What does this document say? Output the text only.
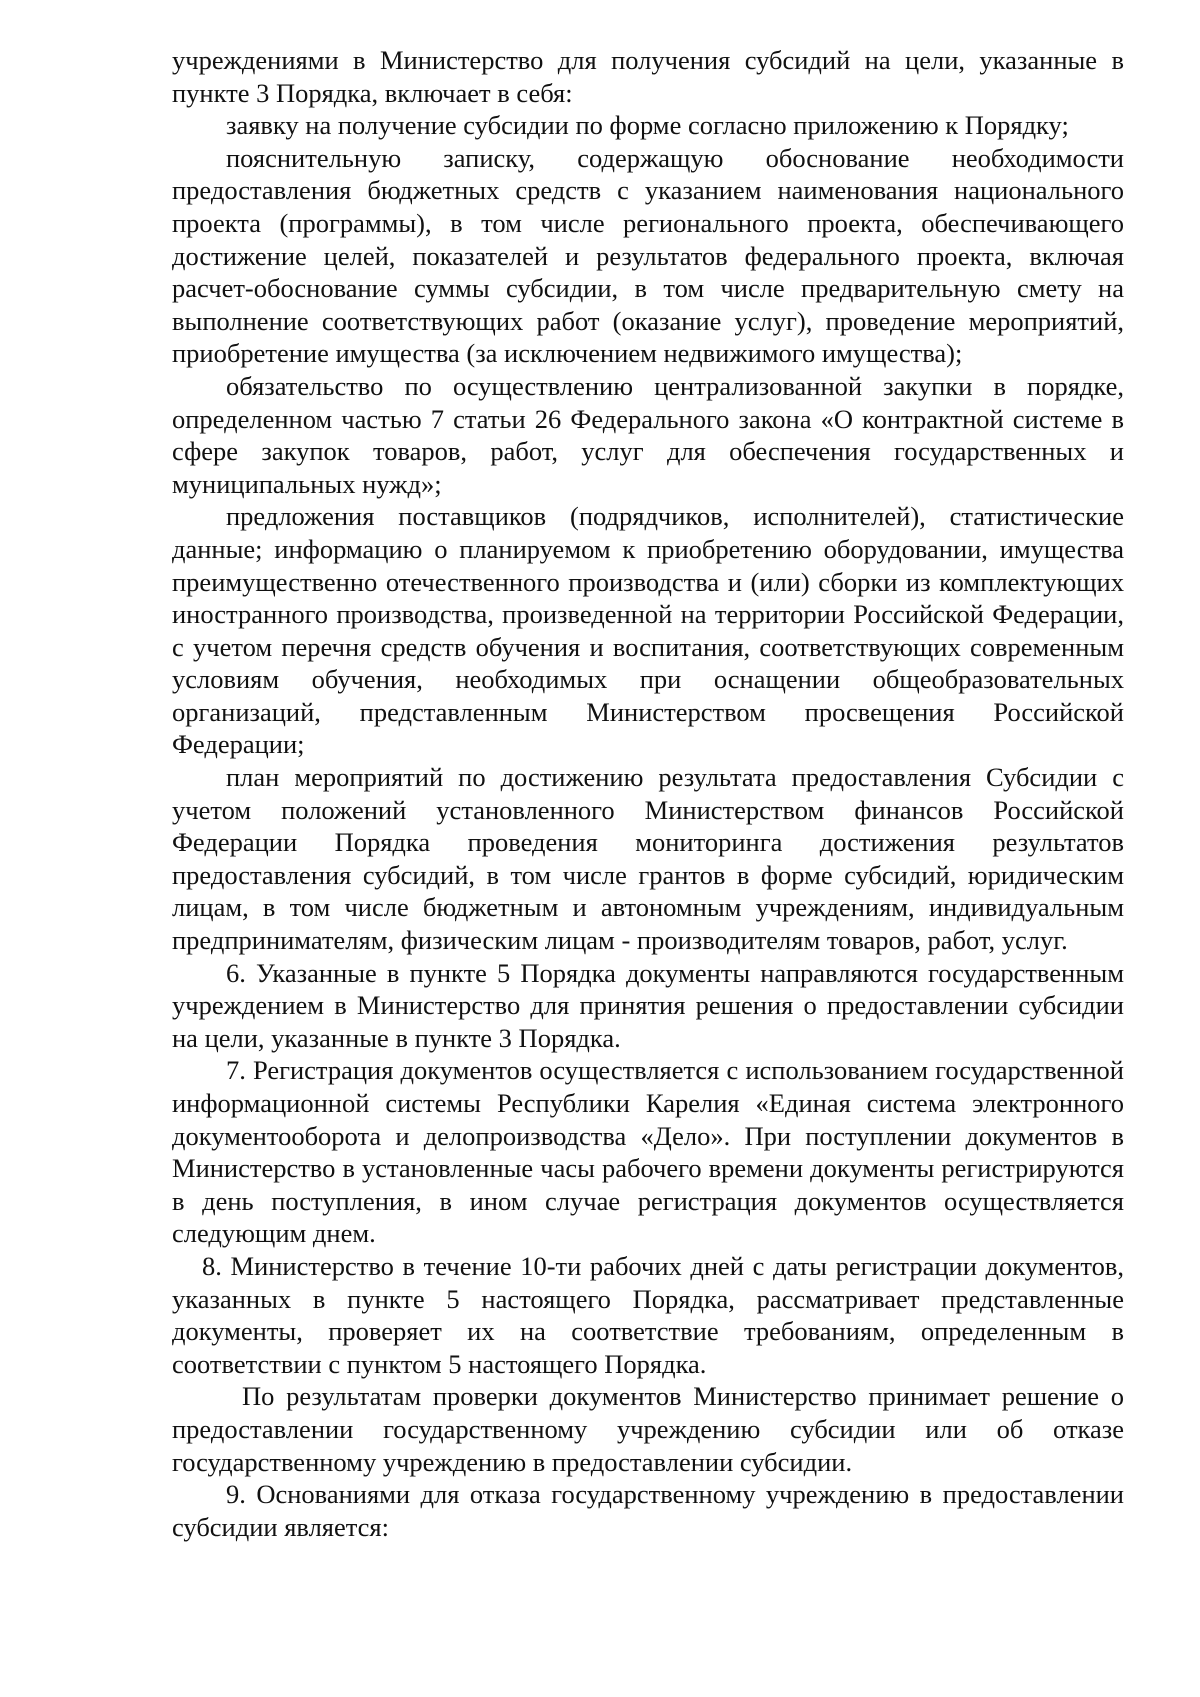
учреждениями в Министерство для получения субсидий на цели, указанные в пункте 3 Порядка, включает в себя:

заявку на получение субсидии по форме согласно приложению к Порядку;

пояснительную записку, содержащую обоснование необходимости предоставления бюджетных средств с указанием наименования национального проекта (программы), в том числе регионального проекта, обеспечивающего достижение целей, показателей и результатов федерального проекта, включая расчет-обоснование суммы субсидии, в том числе предварительную смету на выполнение соответствующих работ (оказание услуг), проведение мероприятий, приобретение имущества (за исключением недвижимого имущества);

обязательство по осуществлению централизованной закупки в порядке, определенном частью 7 статьи 26 Федерального закона «О контрактной системе в сфере закупок товаров, работ, услуг для обеспечения государственных и муниципальных нужд»;

предложения поставщиков (подрядчиков, исполнителей), статистические данные; информацию о планируемом к приобретению оборудовании, имущества преимущественно отечественного производства и (или) сборки из комплектующих иностранного производства, произведенной на территории Российской Федерации, с учетом перечня средств обучения и воспитания, соответствующих современным условиям обучения, необходимых при оснащении общеобразовательных организаций, представленным Министерством просвещения Российской Федерации;

план мероприятий по достижению результата предоставления Субсидии с учетом положений установленного Министерством финансов Российской Федерации Порядка проведения мониторинга достижения результатов предоставления субсидий, в том числе грантов в форме субсидий, юридическим лицам, в том числе бюджетным и автономным учреждениям, индивидуальным предпринимателям, физическим лицам - производителям товаров, работ, услуг.

6. Указанные в пункте 5 Порядка документы направляются государственным учреждением в Министерство для принятия решения о предоставлении субсидии на цели, указанные в пункте 3 Порядка.

7. Регистрация документов осуществляется с использованием государственной информационной системы Республики Карелия «Единая система электронного документооборота и делопроизводства «Дело». При поступлении документов в Министерство в установленные часы рабочего времени документы регистрируются в день поступления, в ином случае регистрация документов осуществляется следующим днем.

8. Министерство в течение 10-ти рабочих дней с даты регистрации документов, указанных в пункте 5 настоящего Порядка, рассматривает представленные документы, проверяет их на соответствие требованиям, определенным в соответствии с пунктом 5 настоящего Порядка.

По результатам проверки документов Министерство принимает решение о предоставлении государственному учреждению субсидии или об отказе государственному учреждению в предоставлении субсидии.

9. Основаниями для отказа государственному учреждению в предоставлении субсидии является:
